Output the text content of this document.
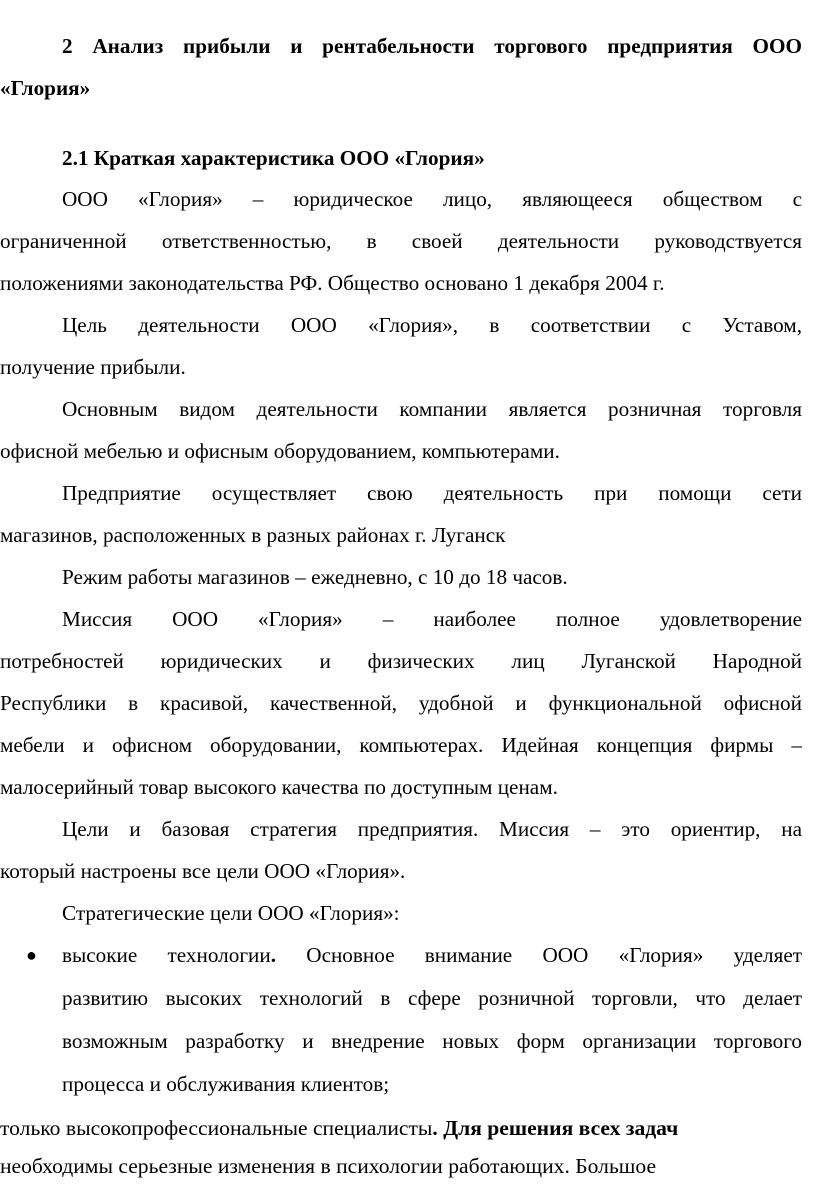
2 Анализ прибыли и рентабельности торгового предприятия ООО

«Глория»

2.1 Краткая характеристика ООО «Глория»

ООО «Глория» – юридическое лицо, являющееся обществом с

ограниченной ответственностью, в своей деятельности руководствуется

положениями законодательства РФ. Общество основано 1 декабря 2004 г.

Цель деятельности ООО «Глория», в соответствии с Уставом,

получение прибыли.

Основным видом деятельности компании является розничная торговля

офисной мебелью и офисным оборудованием, компьютерами.

Предприятие осуществляет свою деятельность при помощи сети

магазинов, расположенных в разных районах г. Луганск

Режим работы магазинов – ежедневно, с 10 до 18 часов.

Миссия ООО «Глория» – наиболее полное удовлетворение

потребностей юридических и физических лиц Луганской Народной

Республики в красивой, качественной, удобной и функциональной офисной

мебели и офисном оборудовании, компьютерах. Идейная концепция фирмы –

малосерийный товар высокого качества по доступным ценам.

Цели и базовая стратегия предприятия. Миссия – это ориентир, на

который настроены все цели ООО «Глория».

Стратегические цели ООО «Глория»:

● высокие технологии. Основное внимание ООО «Глория» уделяет

развитию высоких технологий в сфере розничной торговли, что делает

возможным разработку и внедрение новых форм организации торгового

процесса и обслуживания клиентов;

только высокопрофессиональные специалисты. Для решения всех задач

необходимы серьезные изменения в психологии работающих. Большое
